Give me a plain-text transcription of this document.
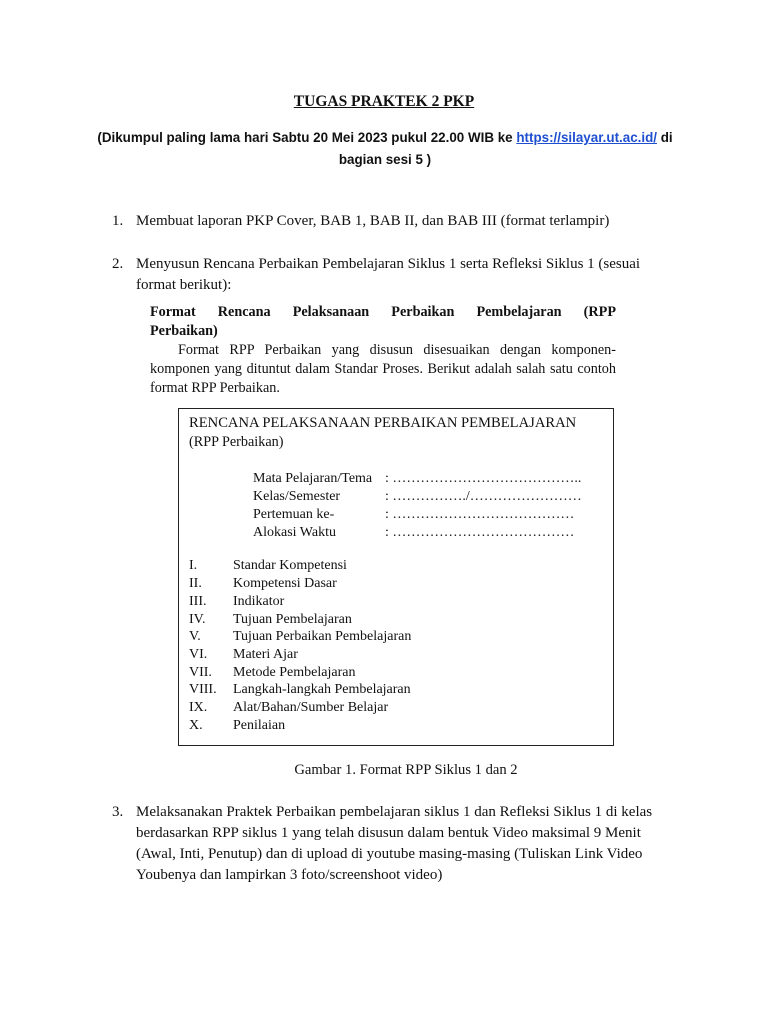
TUGAS PRAKTEK 2 PKP
(Dikumpul paling lama hari Sabtu 20 Mei 2023 pukul 22.00 WIB ke https://silayar.ut.ac.id/ di bagian sesi 5 )
1. Membuat laporan PKP Cover, BAB 1, BAB II, dan BAB III (format terlampir)
2. Menyusun Rencana Perbaikan Pembelajaran Siklus 1 serta Refleksi Siklus 1 (sesuai format berikut):
Format Rencana Pelaksanaan Perbaikan Pembelajaran (RPP
Perbaikan)
Format RPP Perbaikan yang disusun disesuaikan dengan komponen-komponen yang dituntut dalam Standar Proses. Berikut adalah salah satu contoh format RPP Perbaikan.
RENCANA PELAKSANAAN PERBAIKAN PEMBELAJARAN
(RPP Perbaikan)
Mata Pelajaran/Tema : …………………………………..
Kelas/Semester	: ……………./……………………
Pertemuan ke-	: …………………………………
Alokasi Waktu	: …………………………………
I.	Standar Kompetensi
II. Kompetensi Dasar
III. Indikator
IV. Tujuan Pembelajaran
V. Tujuan Perbaikan Pembelajaran
VI. Materi Ajar
VII. Metode Pembelajaran
VIII. Langkah-langkah Pembelajaran
IX. Alat/Bahan/Sumber Belajar
X. Penilaian
Gambar 1. Format RPP Siklus 1 dan 2
3. Melaksanakan Praktek Perbaikan pembelajaran siklus 1 dan Refleksi Siklus 1 di kelas berdasarkan RPP siklus 1 yang telah disusun dalam bentuk Video maksimal 9 Menit (Awal, Inti, Penutup) dan di upload di youtube masing-masing (Tuliskan Link Video Youbenya dan lampirkan 3 foto/screenshoot video)
